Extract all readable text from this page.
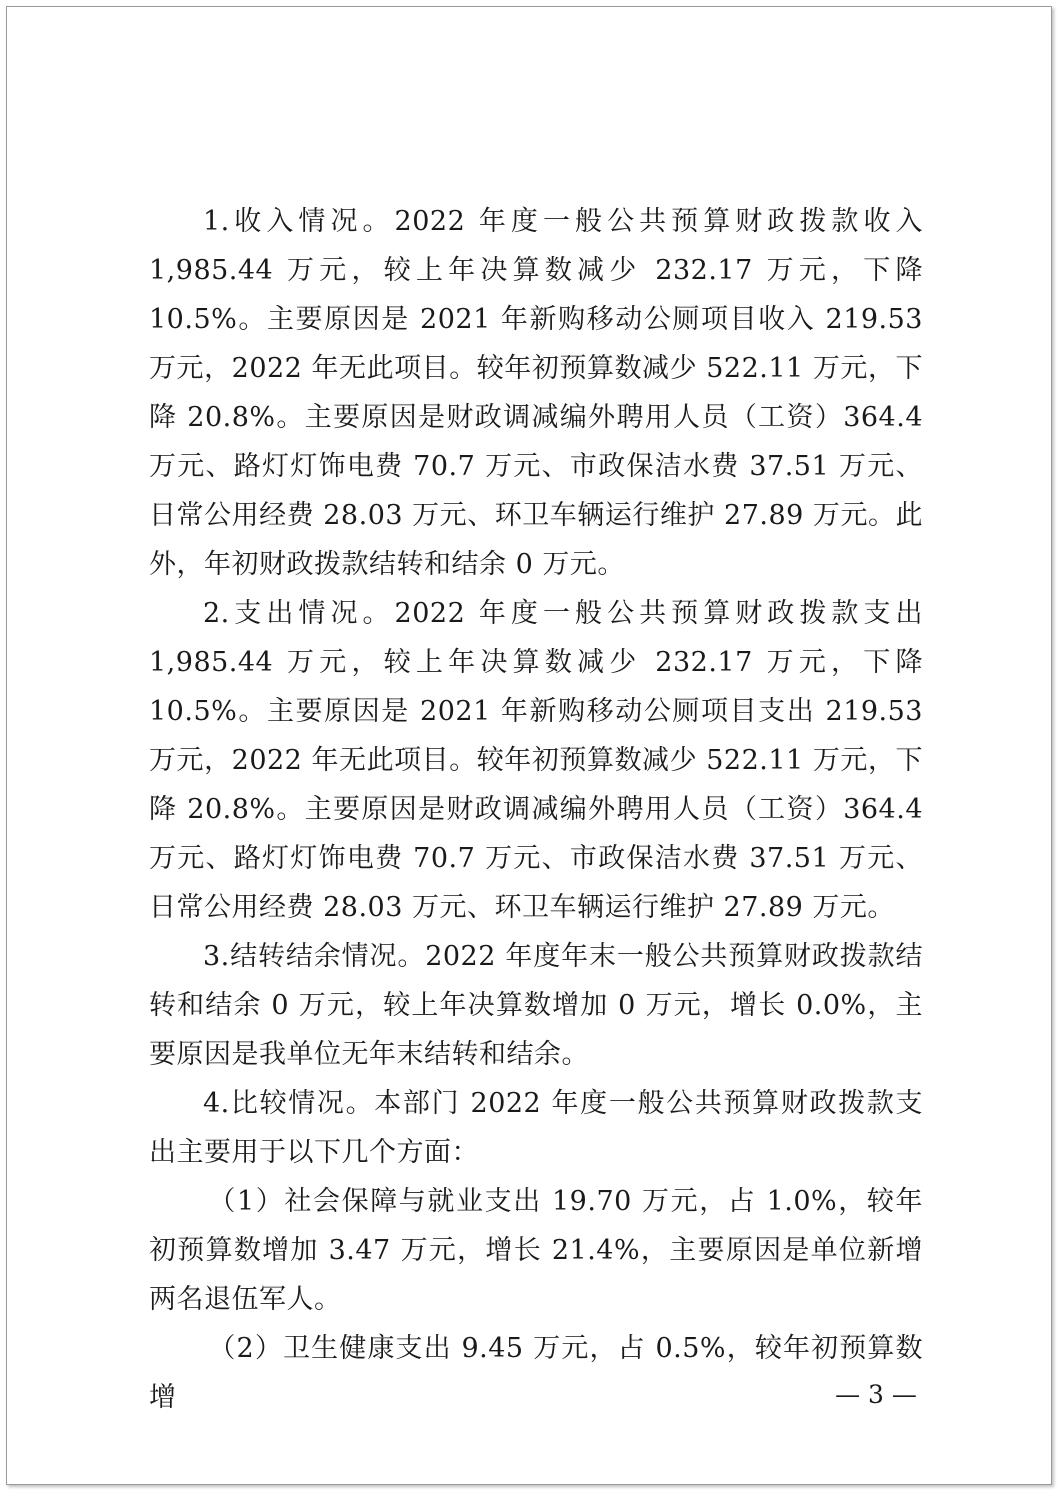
1.收入情况。2022 年度一般公共预算财政拨款收入 1,985.44 万元，较上年决算数减少 232.17 万元，下降 10.5%。主要原因是 2021 年新购移动公厕项目收入 219.53 万元，2022 年无此项目。较年初预算数减少 522.11 万元，下降 20.8%。主要原因是财政调减编外聘用人员（工资）364.4 万元、路灯灯饰电费 70.7 万元、市政保洁水费 37.51 万元、日常公用经费 28.03 万元、环卫车辆运行维护 27.89 万元。此外，年初财政拨款结转和结余 0 万元。

2.支出情况。2022 年度一般公共预算财政拨款支出 1,985.44 万元，较上年决算数减少 232.17 万元，下降 10.5%。主要原因是 2021 年新购移动公厕项目支出 219.53 万元，2022 年无此项目。较年初预算数减少 522.11 万元，下降 20.8%。主要原因是财政调减编外聘用人员（工资）364.4 万元、路灯灯饰电费 70.7 万元、市政保洁水费 37.51 万元、日常公用经费 28.03 万元、环卫车辆运行维护 27.89 万元。

3.结转结余情况。2022 年度年末一般公共预算财政拨款结转和结余 0 万元，较上年决算数增加 0 万元，增长 0.0%，主要原因是我单位无年末结转和结余。

4.比较情况。本部门 2022 年度一般公共预算财政拨款支出主要用于以下几个方面：

（1）社会保障与就业支出 19.70 万元，占 1.0%，较年初预算数增加 3.47 万元，增长 21.4%，主要原因是单位新增两名退伍军人。

（2）卫生健康支出 9.45 万元，占 0.5%，较年初预算数增	— 3 —
